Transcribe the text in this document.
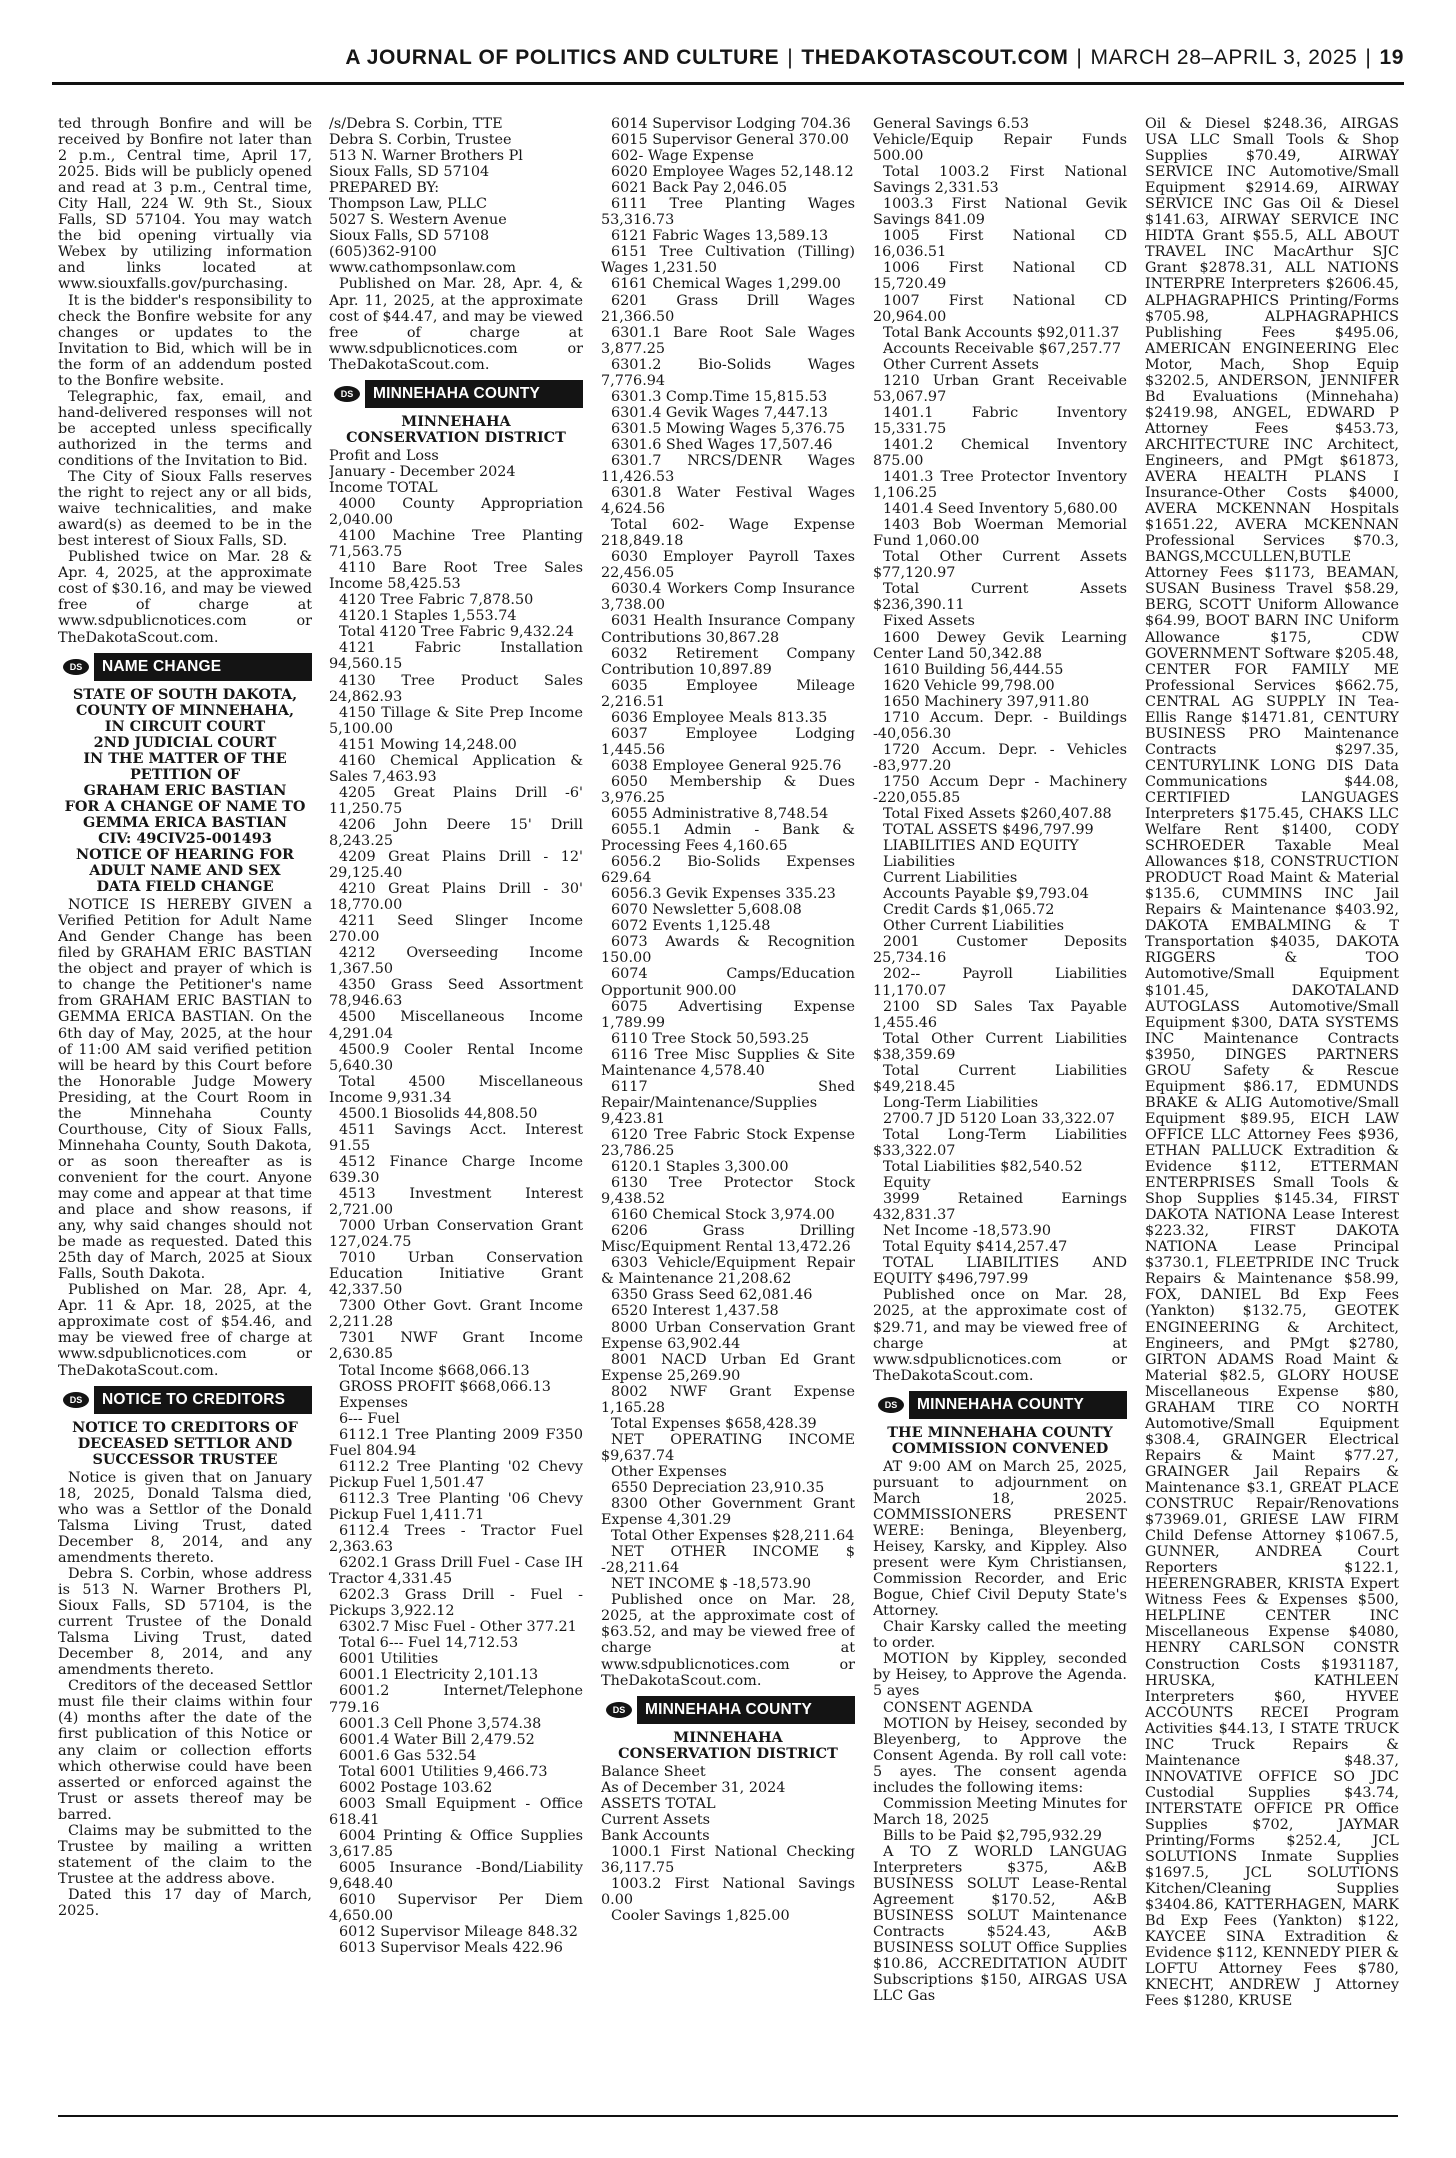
A JOURNAL OF POLITICS AND CULTURE | THEDAKOTASCOUT.COM | MARCH 28–APRIL 3, 2025 | 19

ted through Bonfire and will be received by Bonfire not later than 2 p.m., Central time, April 17, 2025. Bids will be publicly opened and read at 3 p.m., Central time, City Hall, 224 W. 9th St., Sioux Falls, SD 57104. You may watch the bid opening virtually via Webex by utilizing information and links located at www.siouxfalls.gov/purchasing.

It is the bidder's responsibility to check the Bonfire website for any changes or updates to the Invitation to Bid, which will be in the form of an addendum posted to the Bonfire website.

Telegraphic, fax, email, and hand-delivered responses will not be accepted unless specifically authorized in the terms and conditions of the Invitation to Bid.

The City of Sioux Falls reserves the right to reject any or all bids, waive technicalities, and make award(s) as deemed to be in the best interest of Sioux Falls, SD.

Published twice on Mar. 28 & Apr. 4, 2025, at the approximate cost of $30.16, and may be viewed free of charge at www.sdpublicnotices.com or TheDakotaScout.com.

DS	NAME CHANGE
STATE OF SOUTH DAKOTA,
COUNTY OF MINNEHAHA,
IN CIRCUIT COURT
2ND JUDICIAL COURT
IN THE MATTER OF THE
PETITION OF
GRAHAM ERIC BASTIAN
FOR A CHANGE OF NAME TO
GEMMA ERICA BASTIAN
CIV: 49CIV25-001493
NOTICE OF HEARING FOR
ADULT NAME AND SEX
DATA FIELD CHANGE

NOTICE IS HEREBY GIVEN a Verified Petition for Adult Name And Gender Change has been filed by GRAHAM ERIC BASTIAN the object and prayer of which is to change the Petitioner's name from GRAHAM ERIC BASTIAN to GEMMA ERICA BASTIAN. On the 6th day of May, 2025, at the hour of 11:00 AM said verified petition will be heard by this Court before the Honorable Judge Mowery Presiding, at the Court Room in the Minnehaha County Courthouse, City of Sioux Falls, Minnehaha County, South Dakota, or as soon thereafter as is convenient for the court. Anyone may come and appear at that time and place and show reasons, if any, why said changes should not be made as requested. Dated this 25th day of March, 2025 at Sioux Falls, South Dakota.

Published on Mar. 28, Apr. 4, Apr. 11 & Apr. 18, 2025, at the approximate cost of $54.46, and may be viewed free of charge at www.sdpublicnotices.com or TheDakotaScout.com.

DS	NOTICE TO CREDITORS
NOTICE TO CREDITORS OF
DECEASED SETTLOR AND
SUCCESSOR TRUSTEE

Notice is given that on January 18, 2025, Donald Talsma died, who was a Settlor of the Donald Talsma Living Trust, dated December 8, 2014, and any amendments thereto.

Debra S. Corbin, whose address is 513 N. Warner Brothers Pl, Sioux Falls, SD 57104, is the current Trustee of the Donald Talsma Living Trust, dated December 8, 2014, and any amendments thereto.

Creditors of the deceased Settlor must file their claims within four (4) months after the date of the first publication of this Notice or any claim or collection efforts which otherwise could have been asserted or enforced against the Trust or assets thereof may be barred.

Claims may be submitted to the Trustee by mailing a written statement of the claim to the Trustee at the address above.

Dated this 17 day of March, 2025.

/s/Debra S. Corbin, TTE

Debra S. Corbin, Trustee

513 N. Warner Brothers Pl

Sioux Falls, SD 57104

PREPARED BY:

Thompson Law, PLLC

5027 S. Western Avenue

Sioux Falls, SD 57108

(605)362-9100

www.cathompsonlaw.com

Published on Mar. 28, Apr. 4, & Apr. 11, 2025, at the approximate cost of $44.47, and may be viewed free of charge at www.sdpublicnotices.com or TheDakotaScout.com.

DS	MINNEHAHA COUNTY
MINNEHAHA
CONSERVATION DISTRICT

Profit and Loss

January - December 2024

Income TOTAL

4000 County Appropriation 2,040.00

4100 Machine Tree Planting 71,563.75

4110 Bare Root Tree Sales Income 58,425.53

4120 Tree Fabric 7,878.50

4120.1 Staples 1,553.74

Total 4120 Tree Fabric 9,432.24

4121 Fabric Installation 94,560.15

4130 Tree Product Sales 24,862.93

4150 Tillage & Site Prep Income 5,100.00

4151 Mowing 14,248.00

4160 Chemical Application & Sales 7,463.93

4205 Great Plains Drill -6' 11,250.75

4206 John Deere 15' Drill 8,243.25

4209 Great Plains Drill - 12' 29,125.40

4210 Great Plains Drill - 30' 18,770.00

4211 Seed Slinger Income 270.00

4212 Overseeding Income 1,367.50

4350 Grass Seed Assortment 78,946.63

4500 Miscellaneous Income 4,291.04

4500.9 Cooler Rental Income 5,640.30

Total 4500 Miscellaneous Income 9,931.34

4500.1 Biosolids 44,808.50

4511 Savings Acct. Interest 91.55

4512 Finance Charge Income 639.30

4513 Investment Interest 2,721.00

7000 Urban Conservation Grant 127,024.75

7010 Urban Conservation Education Initiative Grant 42,337.50

7300 Other Govt. Grant Income 2,211.28

7301 NWF Grant Income 2,630.85

Total Income $668,066.13

GROSS PROFIT $668,066.13

Expenses

6--- Fuel

6112.1 Tree Planting 2009 F350 Fuel 804.94

6112.2 Tree Planting '02 Chevy Pickup Fuel 1,501.47

6112.3 Tree Planting '06 Chevy Pickup Fuel 1,411.71

6112.4 Trees - Tractor Fuel 2,363.63

6202.1 Grass Drill Fuel - Case IH Tractor 4,331.45

6202.3 Grass Drill - Fuel - Pickups 3,922.12

6302.7 Misc Fuel - Other 377.21

Total 6--- Fuel 14,712.53

6001 Utilities

6001.1 Electricity 2,101.13

6001.2 Internet/Telephone 779.16

6001.3 Cell Phone 3,574.38

6001.4 Water Bill 2,479.52

6001.6 Gas 532.54

Total 6001 Utilities 9,466.73

6002 Postage 103.62

6003 Small Equipment - Office 618.41

6004 Printing & Office Supplies 3,617.85

6005 Insurance -Bond/Liability 9,648.40

6010 Supervisor Per Diem 4,650.00

6012 Supervisor Mileage 848.32

6013 Supervisor Meals 422.96

6014 Supervisor Lodging 704.36

6015 Supervisor General 370.00

602- Wage Expense

6020 Employee Wages 52,148.12

6021 Back Pay 2,046.05

6111 Tree Planting Wages 53,316.73

6121 Fabric Wages 13,589.13

6151 Tree Cultivation (Tilling) Wages 1,231.50

6161 Chemical Wages 1,299.00

6201 Grass Drill Wages 21,366.50

6301.1 Bare Root Sale Wages 3,877.25

6301.2 Bio-Solids Wages 7,776.94

6301.3 Comp.Time 15,815.53

6301.4 Gevik Wages 7,447.13

6301.5 Mowing Wages 5,376.75

6301.6 Shed Wages 17,507.46

6301.7 NRCS/DENR Wages 11,426.53

6301.8 Water Festival Wages 4,624.56

Total 602- Wage Expense 218,849.18

6030 Employer Payroll Taxes 22,456.05

6030.4 Workers Comp Insurance 3,738.00

6031 Health Insurance Company Contributions 30,867.28

6032 Retirement Company Contribution 10,897.89

6035 Employee Mileage 2,216.51

6036 Employee Meals 813.35

6037 Employee Lodging 1,445.56

6038 Employee General 925.76

6050 Membership & Dues 3,976.25

6055 Administrative 8,748.54

6055.1 Admin - Bank & Processing Fees 4,160.65

6056.2 Bio-Solids Expenses 629.64

6056.3 Gevik Expenses 335.23

6070 Newsletter 5,608.08

6072 Events 1,125.48

6073 Awards & Recognition 150.00

6074 Camps/Education Opportunit 900.00

6075 Advertising Expense 1,789.99

6110 Tree Stock 50,593.25

6116 Tree Misc Supplies & Site Maintenance 4,578.40

6117 Shed Repair/Maintenance/Supplies 9,423.81

6120 Tree Fabric Stock Expense 23,786.25

6120.1 Staples 3,300.00

6130 Tree Protector Stock 9,438.52

6160 Chemical Stock 3,974.00

6206 Grass Drilling Misc/Equipment Rental 13,472.26

6303 Vehicle/Equipment Repair & Maintenance 21,208.62

6350 Grass Seed 62,081.46

6520 Interest 1,437.58

8000 Urban Conservation Grant Expense 63,902.44

8001 NACD Urban Ed Grant Expense 25,269.90

8002 NWF Grant Expense 1,165.28

Total Expenses $658,428.39

NET OPERATING INCOME $9,637.74

Other Expenses

6550 Depreciation 23,910.35

8300 Other Government Grant Expense 4,301.29

Total Other Expenses $28,211.64

NET OTHER INCOME $ -28,211.64

NET INCOME $ -18,573.90

Published once on Mar. 28, 2025, at the approximate cost of $63.52, and may be viewed free of charge at www.sdpublicnotices.com or TheDakotaScout.com.

DS	MINNEHAHA COUNTY
MINNEHAHA
CONSERVATION DISTRICT

Balance Sheet

As of December 31, 2024

ASSETS TOTAL

Current Assets

Bank Accounts

1000.1 First National Checking 36,117.75

1003.2 First National Savings 0.00

Cooler Savings 1,825.00

General Savings 6.53

Vehicle/Equip Repair Funds 500.00

Total 1003.2 First National Savings 2,331.53

1003.3 First National Gevik Savings 841.09

1005 First National CD 16,036.51

1006 First National CD 15,720.49

1007 First National CD 20,964.00

Total Bank Accounts $92,011.37

Accounts Receivable $67,257.77

Other Current Assets

1210 Urban Grant Receivable 53,067.97

1401.1 Fabric Inventory 15,331.75

1401.2 Chemical Inventory 875.00

1401.3 Tree Protector Inventory 1,106.25

1401.4 Seed Inventory 5,680.00

1403 Bob Woerman Memorial Fund 1,060.00

Total Other Current Assets $77,120.97

Total Current Assets $236,390.11

Fixed Assets

1600 Dewey Gevik Learning Center Land 50,342.88

1610 Building 56,444.55

1620 Vehicle 99,798.00

1650 Machinery 397,911.80

1710 Accum. Depr. - Buildings -40,056.30

1720 Accum. Depr. - Vehicles -83,977.20

1750 Accum Depr - Machinery -220,055.85

Total Fixed Assets $260,407.88

TOTAL ASSETS $496,797.99

LIABILITIES AND EQUITY

Liabilities

Current Liabilities

Accounts Payable $9,793.04

Credit Cards $1,065.72

Other Current Liabilities

2001 Customer Deposits 25,734.16

202-- Payroll Liabilities 11,170.07

2100 SD Sales Tax Payable 1,455.46

Total Other Current Liabilities $38,359.69

Total Current Liabilities $49,218.45

Long-Term Liabilities

2700.7 JD 5120 Loan 33,322.07

Total Long-Term Liabilities $33,322.07

Total Liabilities $82,540.52

Equity

3999 Retained Earnings 432,831.37

Net Income -18,573.90

Total Equity $414,257.47

TOTAL LIABILITIES AND EQUITY $496,797.99

Published once on Mar. 28, 2025, at the approximate cost of $29.71, and may be viewed free of charge at www.sdpublicnotices.com or TheDakotaScout.com.

DS	MINNEHAHA COUNTY
THE MINNEHAHA COUNTY
COMMISSION CONVENED

AT 9:00 AM on March 25, 2025, pursuant to adjournment on March 18, 2025. COMMISSIONERS PRESENT WERE: Beninga, Bleyenberg, Heisey, Karsky, and Kippley. Also present were Kym Christiansen, Commission Recorder, and Eric Bogue, Chief Civil Deputy State's Attorney.

Chair Karsky called the meeting to order.

MOTION by Kippley, seconded by Heisey, to Approve the Agenda. 5 ayes

CONSENT AGENDA

MOTION by Heisey, seconded by Bleyenberg, to Approve the Consent Agenda. By roll call vote: 5 ayes. The consent agenda includes the following items:

Commission Meeting Minutes for March 18, 2025

Bills to be Paid $2,795,932.29

A TO Z WORLD LANGUAG Interpreters $375, A&B BUSINESS SOLUT Lease-Rental Agreement $170.52, A&B BUSINESS SOLUT Maintenance Contracts $524.43, A&B BUSINESS SOLUT Office Supplies $10.86, ACCREDITATION AUDIT Subscriptions $150, AIRGAS USA LLC Gas

Oil & Diesel $248.36, AIRGAS USA LLC Small Tools & Shop Supplies $70.49, AIRWAY SERVICE INC Automotive/Small Equipment $2914.69, AIRWAY SERVICE INC Gas Oil & Diesel $141.63, AIRWAY SERVICE INC HIDTA Grant $55.5, ALL ABOUT TRAVEL INC MacArthur SJC Grant $2878.31, ALL NATIONS INTERPRE Interpreters $2606.45, ALPHAGRAPHICS Printing/Forms $705.98, ALPHAGRAPHICS Publishing Fees $495.06, AMERICAN ENGINEERING Elec Motor, Mach, Shop Equip $3202.5, ANDERSON, JENNIFER Bd Evaluations (Minnehaha) $2419.98, ANGEL, EDWARD P Attorney Fees $453.73, ARCHITECTURE INC Architect, Engineers, and PMgt $61873, AVERA HEALTH PLANS I Insurance-Other Costs $4000, AVERA MCKENNAN Hospitals $1651.22, AVERA MCKENNAN Professional Services $70.3, BANGS,MCCULLEN,BUTLE Attorney Fees $1173, BEAMAN, SUSAN Business Travel $58.29, BERG, SCOTT Uniform Allowance $64.99, BOOT BARN INC Uniform Allowance $175, CDW GOVERNMENT Software $205.48, CENTER FOR FAMILY ME Professional Services $662.75, CENTRAL AG SUPPLY IN Tea-Ellis Range $1471.81, CENTURY BUSINESS PRO Maintenance Contracts $297.35, CENTURYLINK LONG DIS Data Communications $44.08, CERTIFIED LANGUAGES Interpreters $175.45, CHAKS LLC Welfare Rent $1400, CODY SCHROEDER Taxable Meal Allowances $18, CONSTRUCTION PRODUCT Road Maint & Material $135.6, CUMMINS INC Jail Repairs & Maintenance $403.92, DAKOTA EMBALMING & T Transportation $4035, DAKOTA RIGGERS & TOO Automotive/Small Equipment $101.45, DAKOTALAND AUTOGLASS Automotive/Small Equipment $300, DATA SYSTEMS INC Maintenance Contracts $3950, DINGES PARTNERS GROU Safety & Rescue Equipment $86.17, EDMUNDS BRAKE & ALIG Automotive/Small Equipment $89.95, EICH LAW OFFICE LLC Attorney Fees $936, ETHAN PALLUCK Extradition & Evidence $112, ETTERMAN ENTERPRISES Small Tools & Shop Supplies $145.34, FIRST DAKOTA NATIONA Lease Interest $223.32, FIRST DAKOTA NATIONA Lease Principal $3730.1, FLEETPRIDE INC Truck Repairs & Maintenance $58.99, FOX, DANIEL Bd Exp Fees (Yankton) $132.75, GEOTEK ENGINEERING & Architect, Engineers, and PMgt $2780, GIRTON ADAMS Road Maint & Material $82.5, GLORY HOUSE Miscellaneous Expense $80, GRAHAM TIRE CO NORTH Automotive/Small Equipment $308.4, GRAINGER Electrical Repairs & Maint $77.27, GRAINGER Jail Repairs & Maintenance $3.1, GREAT PLACE CONSTRUC Repair/Renovations $73969.01, GRIESE LAW FIRM Child Defense Attorney $1067.5, GUNNER, ANDREA Court Reporters $122.1, HEERENGRABER, KRISTA Expert Witness Fees & Expenses $500, HELPLINE CENTER INC Miscellaneous Expense $4080, HENRY CARLSON CONSTR Construction Costs $1931187, HRUSKA, KATHLEEN Interpreters $60, HYVEE ACCOUNTS RECEI Program Activities $44.13, I STATE TRUCK INC Truck Repairs & Maintenance $48.37, INNOVATIVE OFFICE SO JDC Custodial Supplies $43.74, INTERSTATE OFFICE PR Office Supplies $702, JAYMAR Printing/Forms $252.4, JCL SOLUTIONS Inmate Supplies $1697.5, JCL SOLUTIONS Kitchen/Cleaning Supplies $3404.86, KATTERHAGEN, MARK Bd Exp Fees (Yankton) $122, KAYCEE SINA Extradition & Evidence $112, KENNEDY PIER & LOFTU Attorney Fees $780, KNECHT, ANDREW J Attorney Fees $1280, KRUSE
